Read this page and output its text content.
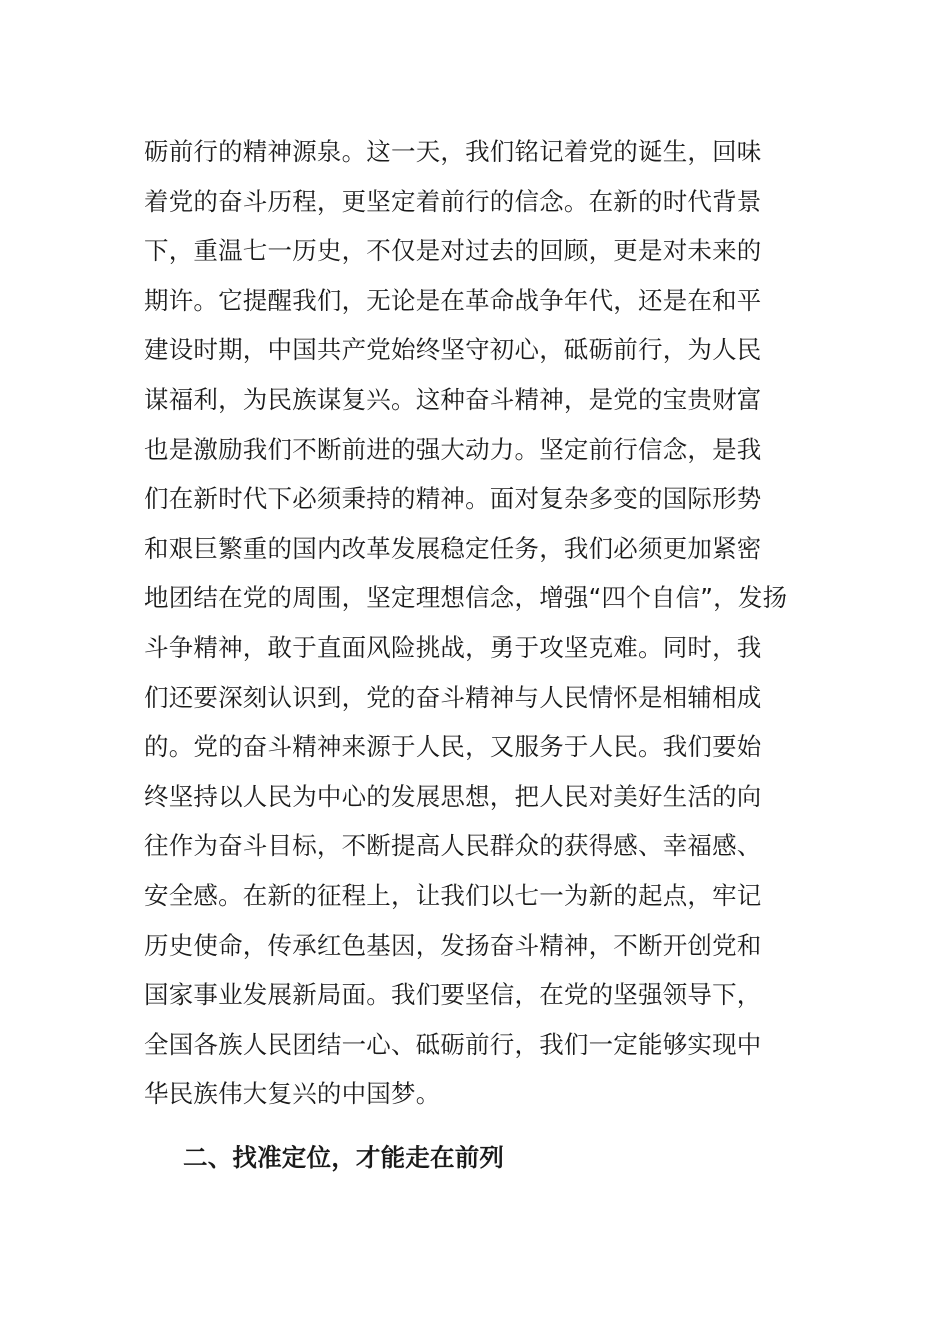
砺前行的精神源泉。这一天，我们铭记着党的诞生，回味
着党的奋斗历程，更坚定着前行的信念。在新的时代背景
下，重温七一历史，不仅是对过去的回顾，更是对未来的
期许。它提醒我们，无论是在革命战争年代，还是在和平
建设时期，中国共产党始终坚守初心，砥砺前行，为人民
谋福利，为民族谋复兴。这种奋斗精神，是党的宝贵财富
也是激励我们不断前进的强大动力。坚定前行信念，是我
们在新时代下必须秉持的精神。面对复杂多变的国际形势
和艰巨繁重的国内改革发展稳定任务，我们必须更加紧密
地团结在党的周围，坚定理想信念，增强“四个自信”，发扬
斗争精神，敢于直面风险挑战，勇于攻坚克难。同时，我
们还要深刻认识到，党的奋斗精神与人民情怀是相辅相成
的。党的奋斗精神来源于人民，又服务于人民。我们要始
终坚持以人民为中心的发展思想，把人民对美好生活的向
往作为奋斗目标，不断提高人民群众的获得感、幸福感、
安全感。在新的征程上，让我们以七一为新的起点，牢记
历史使命，传承红色基因，发扬奋斗精神，不断开创党和
国家事业发展新局面。我们要坚信，在党的坚强领导下，
全国各族人民团结一心、砥砺前行，我们一定能够实现中
华民族伟大复兴的中国梦。
二、找准定位，才能走在前列
